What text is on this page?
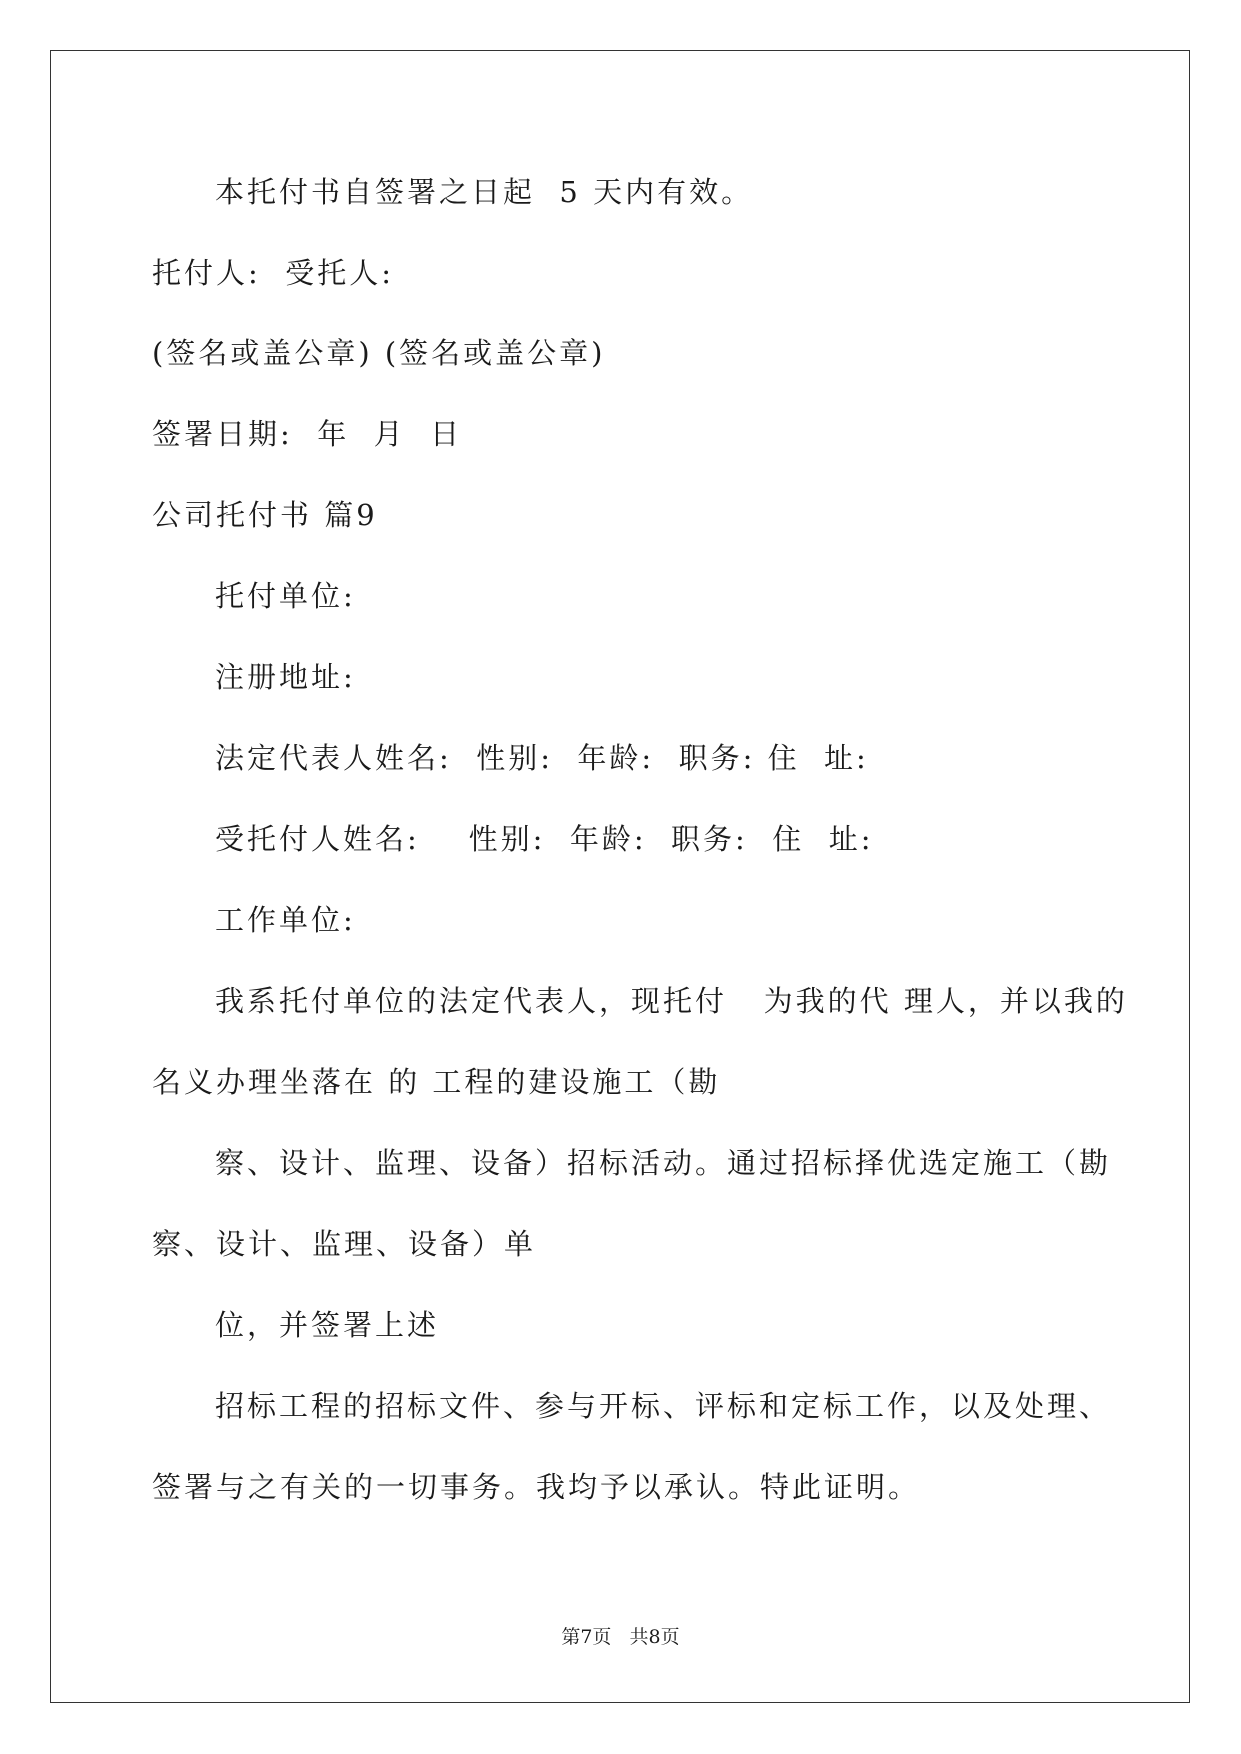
本托付书自签署之日起  5 天内有效。
托付人:  受托人:
(签名或盖公章) (签名或盖公章)
签署日期:  年  月  日
公司托付书 篇9
托付单位:
注册地址:
法定代表人姓名:  性别:  年龄:  职务: 住  址:
受托付人姓名:    性别:  年龄:  职务:  住  址:
工作单位:
我系托付单位的法定代表人，现托付   为我的代 理人，并以我的
名义办理坐落在 的 工程的建设施工（勘
察、设计、监理、设备）招标活动。通过招标择优选定施工（勘
察、设计、监理、设备）单
位，并签署上述
招标工程的招标文件、参与开标、评标和定标工作，以及处理、
签署与之有关的一切事务。我均予以承认。特此证明。
第7页   共8页
